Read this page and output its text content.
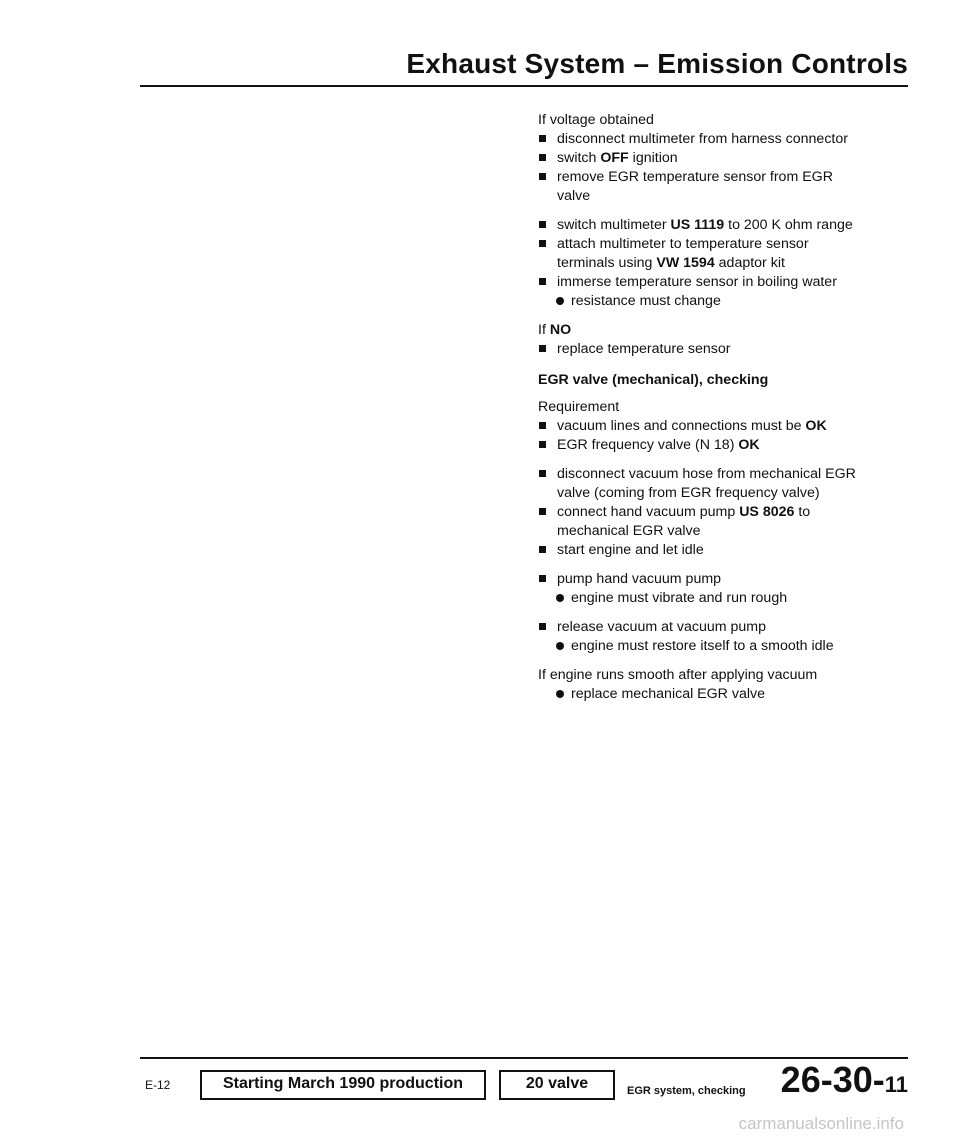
Exhaust System – Emission Controls

If voltage obtained

disconnect multimeter from harness connector

switch OFF ignition

remove EGR temperature sensor from EGR valve

switch multimeter US 1119 to 200 K ohm range

attach multimeter to temperature sensor terminals using VW 1594 adaptor kit

immerse temperature sensor in boiling water

resistance must change

If NO

replace temperature sensor

EGR valve (mechanical), checking

Requirement

vacuum lines and connections must be OK

EGR frequency valve (N 18) OK

disconnect vacuum hose from mechanical EGR valve (coming from EGR frequency valve)

connect hand vacuum pump US 8026 to mechanical EGR valve

start engine and let idle

pump hand vacuum pump

engine must vibrate and run rough

release vacuum at vacuum pump

engine must restore itself to a smooth idle

If engine runs smooth after applying vacuum

replace mechanical EGR valve

E-12	Starting March 1990 production	20 valve	EGR system, checking 26-30-11
carmanualsonline.info
